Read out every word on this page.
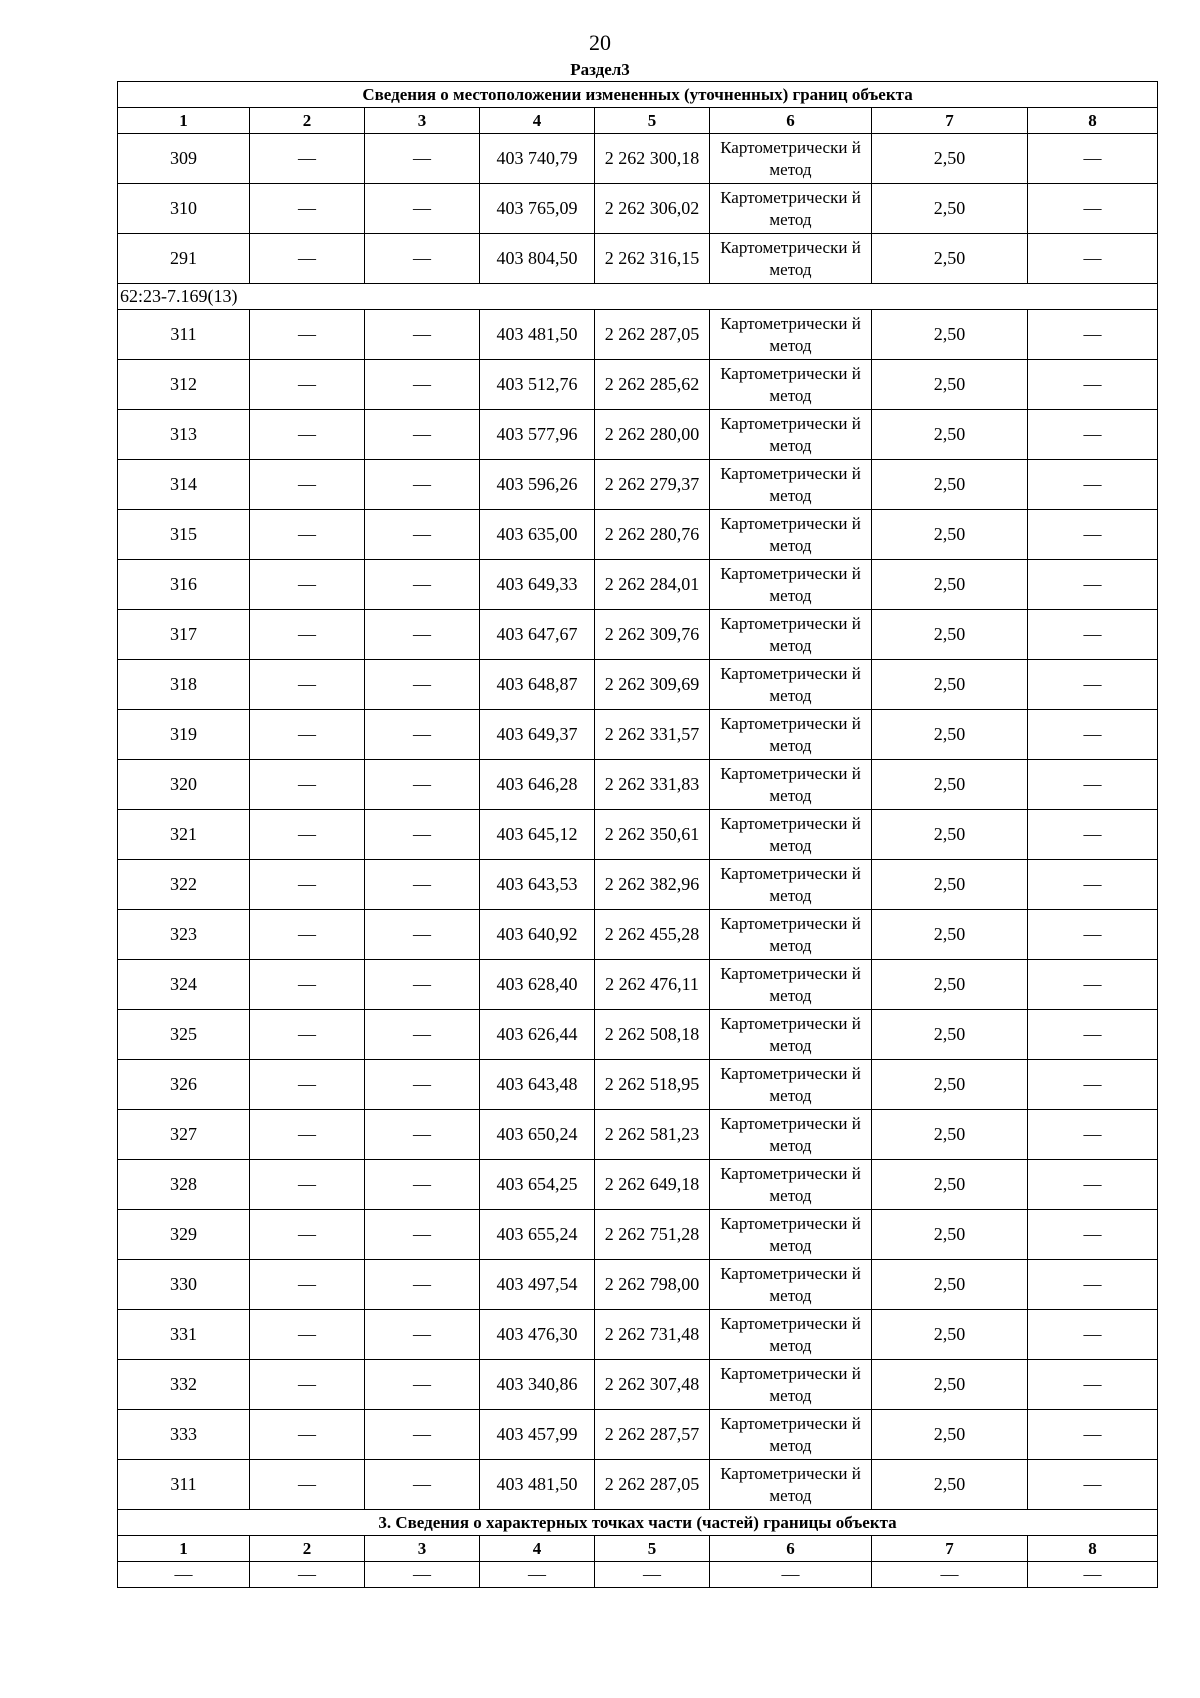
20
Раздел3
Сведения о местоположении измененных (уточненных) границ объекта							
1	2	3	4	5	6	7	8
309	—	—	403 740,79	2 262 300,18	Картометрически й метод	2,50	—
310	—	—	403 765,09	2 262 306,02	Картометрически й метод	2,50	—
291	—	—	403 804,50	2 262 316,15	Картометрически й метод	2,50	—
62:23-7.169(13)							
311	—	—	403 481,50	2 262 287,05	Картометрически й метод	2,50	—
312	—	—	403 512,76	2 262 285,62	Картометрически й метод	2,50	—
313	—	—	403 577,96	2 262 280,00	Картометрически й метод	2,50	—
314	—	—	403 596,26	2 262 279,37	Картометрически й метод	2,50	—
315	—	—	403 635,00	2 262 280,76	Картометрически й метод	2,50	—
316	—	—	403 649,33	2 262 284,01	Картометрически й метод	2,50	—
317	—	—	403 647,67	2 262 309,76	Картометрически й метод	2,50	—
318	—	—	403 648,87	2 262 309,69	Картометрически й метод	2,50	—
319	—	—	403 649,37	2 262 331,57	Картометрически й метод	2,50	—
320	—	—	403 646,28	2 262 331,83	Картометрически й метод	2,50	—
321	—	—	403 645,12	2 262 350,61	Картометрически й метод	2,50	—
322	—	—	403 643,53	2 262 382,96	Картометрически й метод	2,50	—
323	—	—	403 640,92	2 262 455,28	Картометрически й метод	2,50	—
324	—	—	403 628,40	2 262 476,11	Картометрически й метод	2,50	—
325	—	—	403 626,44	2 262 508,18	Картометрически й метод	2,50	—
326	—	—	403 643,48	2 262 518,95	Картометрически й метод	2,50	—
327	—	—	403 650,24	2 262 581,23	Картометрически й метод	2,50	—
328	—	—	403 654,25	2 262 649,18	Картометрически й метод	2,50	—
329	—	—	403 655,24	2 262 751,28	Картометрически й метод	2,50	—
330	—	—	403 497,54	2 262 798,00	Картометрически й метод	2,50	—
331	—	—	403 476,30	2 262 731,48	Картометрически й метод	2,50	—
332	—	—	403 340,86	2 262 307,48	Картометрически й метод	2,50	—
333	—	—	403 457,99	2 262 287,57	Картометрически й метод	2,50	—
311	—	—	403 481,50	2 262 287,05	Картометрически й метод	2,50	—
3. Сведения о характерных точках части (частей) границы объекта							
1	2	3	4	5	6	7	8
—	—	—	—	—	—	—	—
